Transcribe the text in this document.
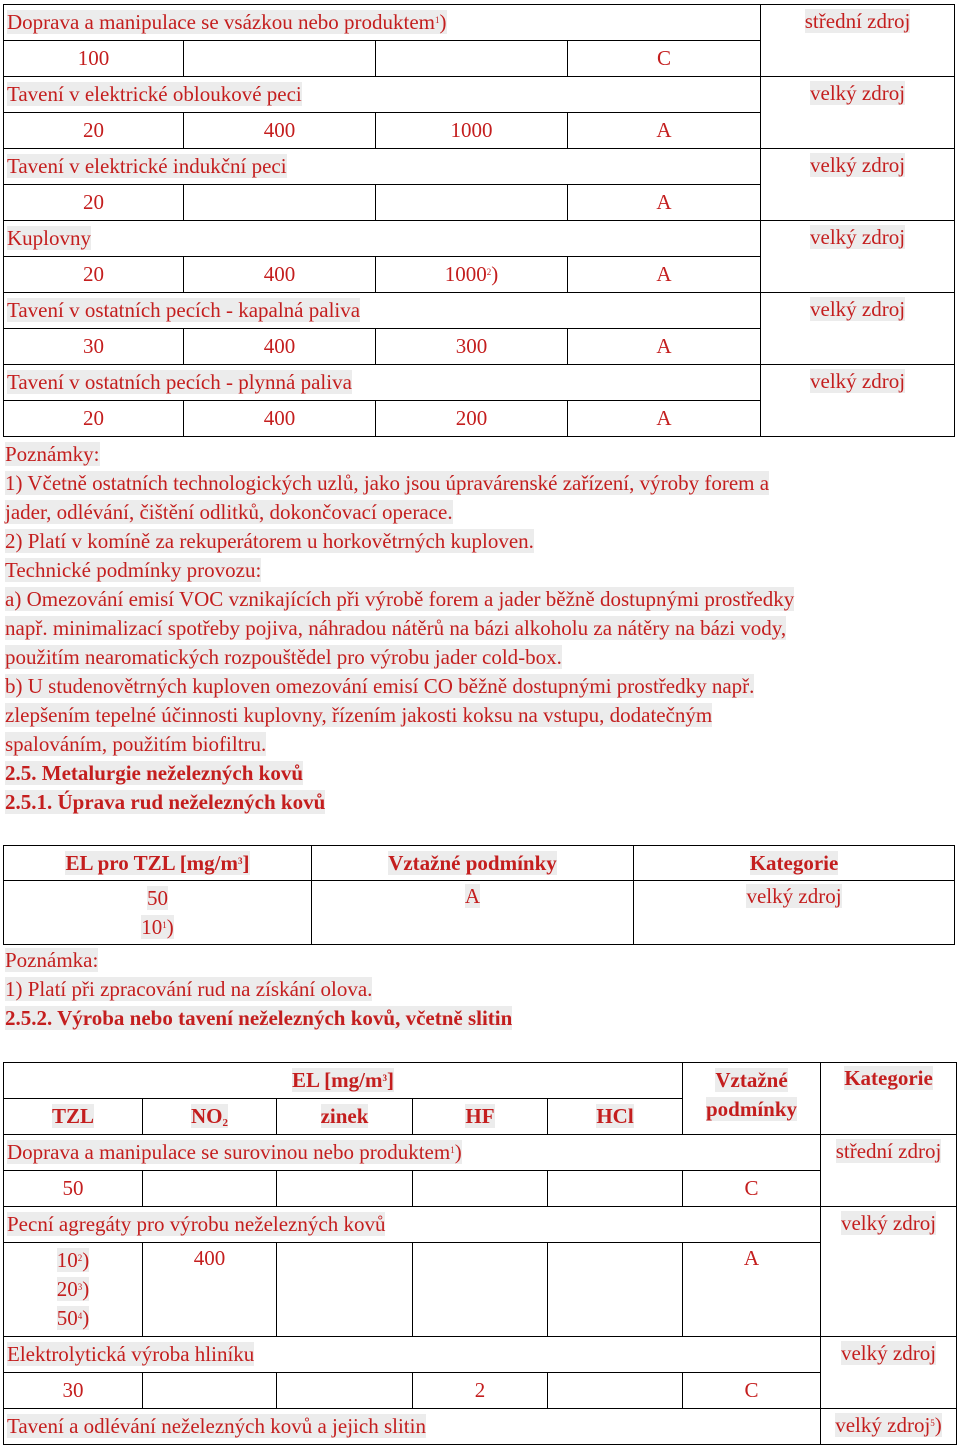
Doprava a manipulace se vsázkou nebo produktem$^1$)				střední zdroj
100			C	
Tavení v elektrické obloukové peci				velký zdroj
20	400	1000	A	
Tavení v elektrické indukční peci				velký zdroj
20			A	
Kuplovny				velký zdroj
20	400	1000$^2$)	A	
Tavení v ostatních pecích - kapalná paliva				velký zdroj
30	400	300	A	
Tavení v ostatních pecích - plynná paliva				velký zdroj
20	400	200	A	

Poznámky:

1) Včetně ostatních technologických uzlů, jako jsou úpravárenské zařízení, výroby forem a

jader, odlévání, čištění odlitků, dokončovací operace.

2) Platí v komíně za rekuperátorem u horkovětrných kuploven.

Technické podmínky provozu:

a) Omezování emisí VOC vznikajících při výrobě forem a jader běžně dostupnými prostředky

např. minimalizací spotřeby pojiva, náhradou nátěrů na bázi alkoholu za nátěry na bázi vody,

použitím nearomatických rozpouštědel pro výrobu jader cold-box.

b) U studenovětrných kuploven omezování emisí CO běžně dostupnými prostředky např.

zlepšením tepelné účinnosti kuplovny, řízením jakosti koksu na vstupu, dodatečným

spalováním, použitím biofiltru.

2.5. Metalurgie neželezných kovů

2.5.1. Úprava rud neželezných kovů

EL pro TZL $[mg/m^3]$	Vztažné podmínky	Kategorie

50
$10^1$)	A	velký zdroj

Poznámka:

1) Platí při zpracování rud na získání olova.

2.5.2. Výroba nebo tavení neželezných kovů, včetně slitin

EL $[mg/m^3]$					Vztažné
podmínky	Kategorie
TZL	$NO_2$	zinek	HF	HCl		
Doprava a manipulace se surovinou nebo produktem$^1$)						střední zdroj
50					C	
Pecní agregáty pro výrobu neželezných kovů						velký zdroj

$10^2$)
$20^3$)
$50^4$)	400				A	
Elektrolytická výroba hliníku						velký zdroj
30			2		C	
Tavení a odlévání neželezných kovů a jejich slitin						velký zdroj$^5$)
